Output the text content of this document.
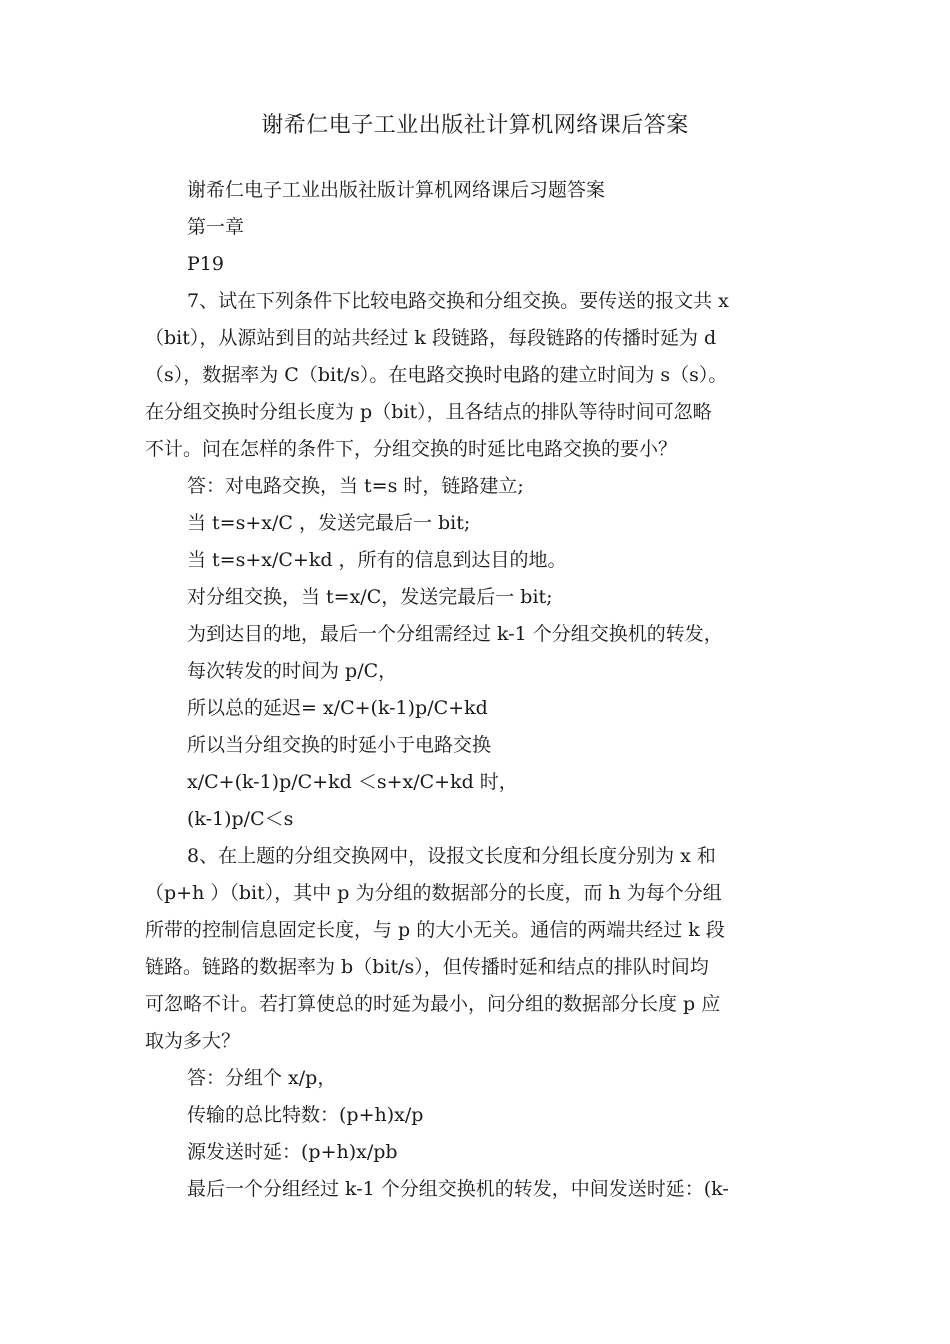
谢希仁电子工业出版社计算机网络课后答案

谢希仁电子工业出版社版计算机网络课后习题答案

第一章

P19

7、试在下列条件下比较电路交换和分组交换。要传送的报文共 x

（bit），从源站到目的站共经过 k 段链路，每段链路的传播时延为 d

（s），数据率为 C（bit/s）。在电路交换时电路的建立时间为 s（s）。

在分组交换时分组长度为 p（bit），且各结点的排队等待时间可忽略

不计。问在怎样的条件下，分组交换的时延比电路交换的要小？

答：对电路交换，当 t=s 时，链路建立;

当 t=s+x/C ，发送完最后一 bit;

当 t=s+x/C+kd ，所有的信息到达目的地。

对分组交换，当 t=x/C，发送完最后一 bit;

为到达目的地，最后一个分组需经过 k-1 个分组交换机的转发，

每次转发的时间为 p/C，

所以总的延迟= x/C+(k-1)p/C+kd

所以当分组交换的时延小于电路交换

x/C+(k-1)p/C+kd ＜s+x/C+kd 时，

(k-1)p/C＜s

8、在上题的分组交换网中，设报文长度和分组长度分别为 x 和

（p+h ）（bit），其中 p 为分组的数据部分的长度，而 h 为每个分组

所带的控制信息固定长度，与 p 的大小无关。通信的两端共经过 k 段

链路。链路的数据率为 b（bit/s），但传播时延和结点的排队时间均

可忽略不计。若打算使总的时延为最小，问分组的数据部分长度 p 应

取为多大？

答：分组个 x/p，

传输的总比特数：(p+h)x/p

源发送时延：(p+h)x/pb

最后一个分组经过 k-1 个分组交换机的转发，中间发送时延：(k-
